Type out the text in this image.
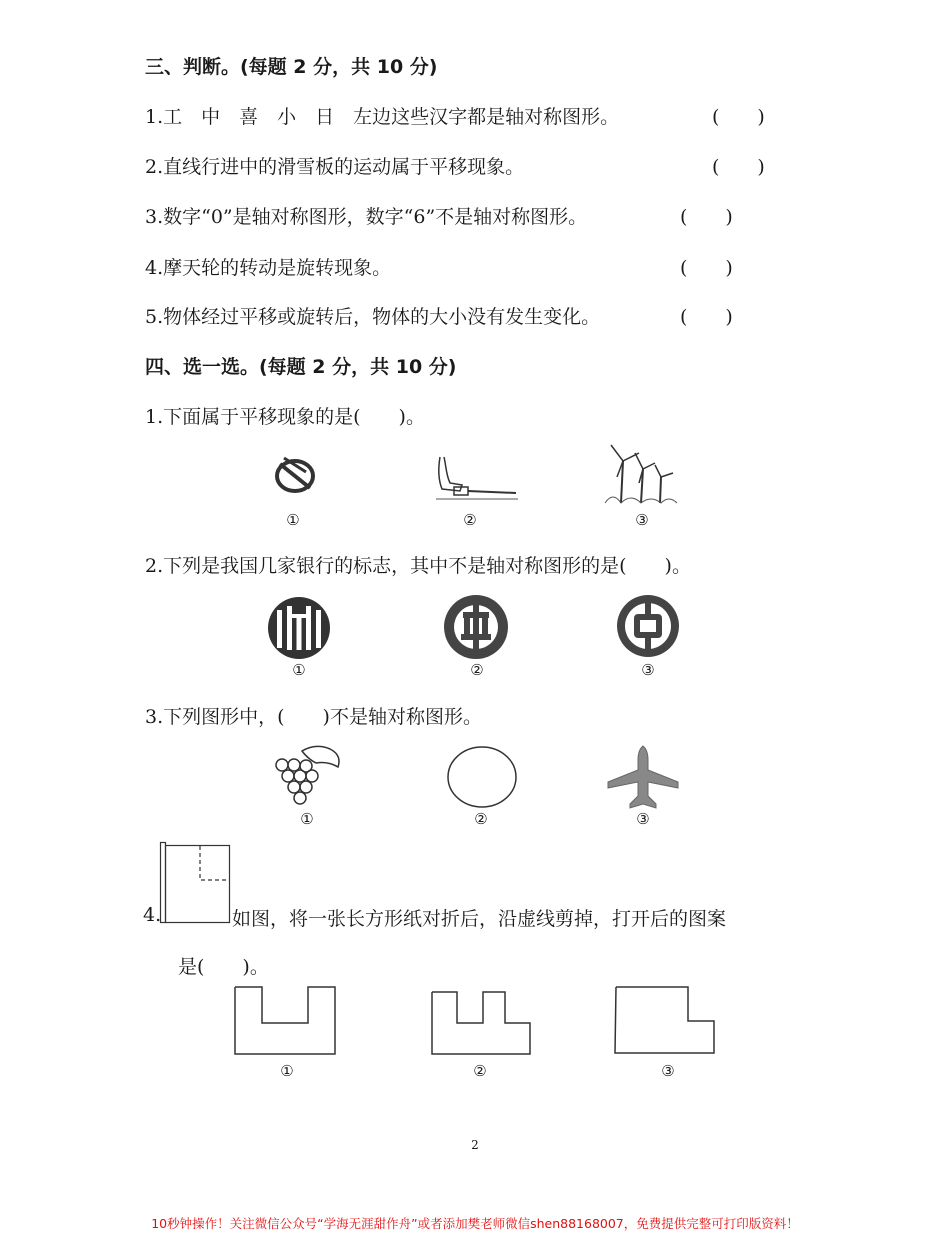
三、判断。(每题 2 分，共 10 分)
1.工　中　喜　小　日　左边这些汉字都是轴对称图形。	(　　)
2.直线行进中的滑雪板的运动属于平移现象。	(　　)
3.数字“0”是轴对称图形，数字“6”不是轴对称图形。	(　　)
4.摩天轮的转动是旋转现象。	(　　)
5.物体经过平移或旋转后，物体的大小没有发生变化。	(　　)
四、选一选。(每题 2 分，共 10 分)
1.下面属于平移现象的是(　　)。
①	②	③
2.下列是我国几家银行的标志，其中不是轴对称图形的是(　　)。
①	②	③
3.下列图形中，(　　)不是轴对称图形。
①	②	③
4.	如图，将一张长方形纸对折后，沿虚线剪掉，打开后的图案
是(　　)。
①	②	③
2
10秒钟操作！关注微信公众号“学海无涯甜作舟”或者添加樊老师微信shen88168007，免费提供完整可打印版资料！
